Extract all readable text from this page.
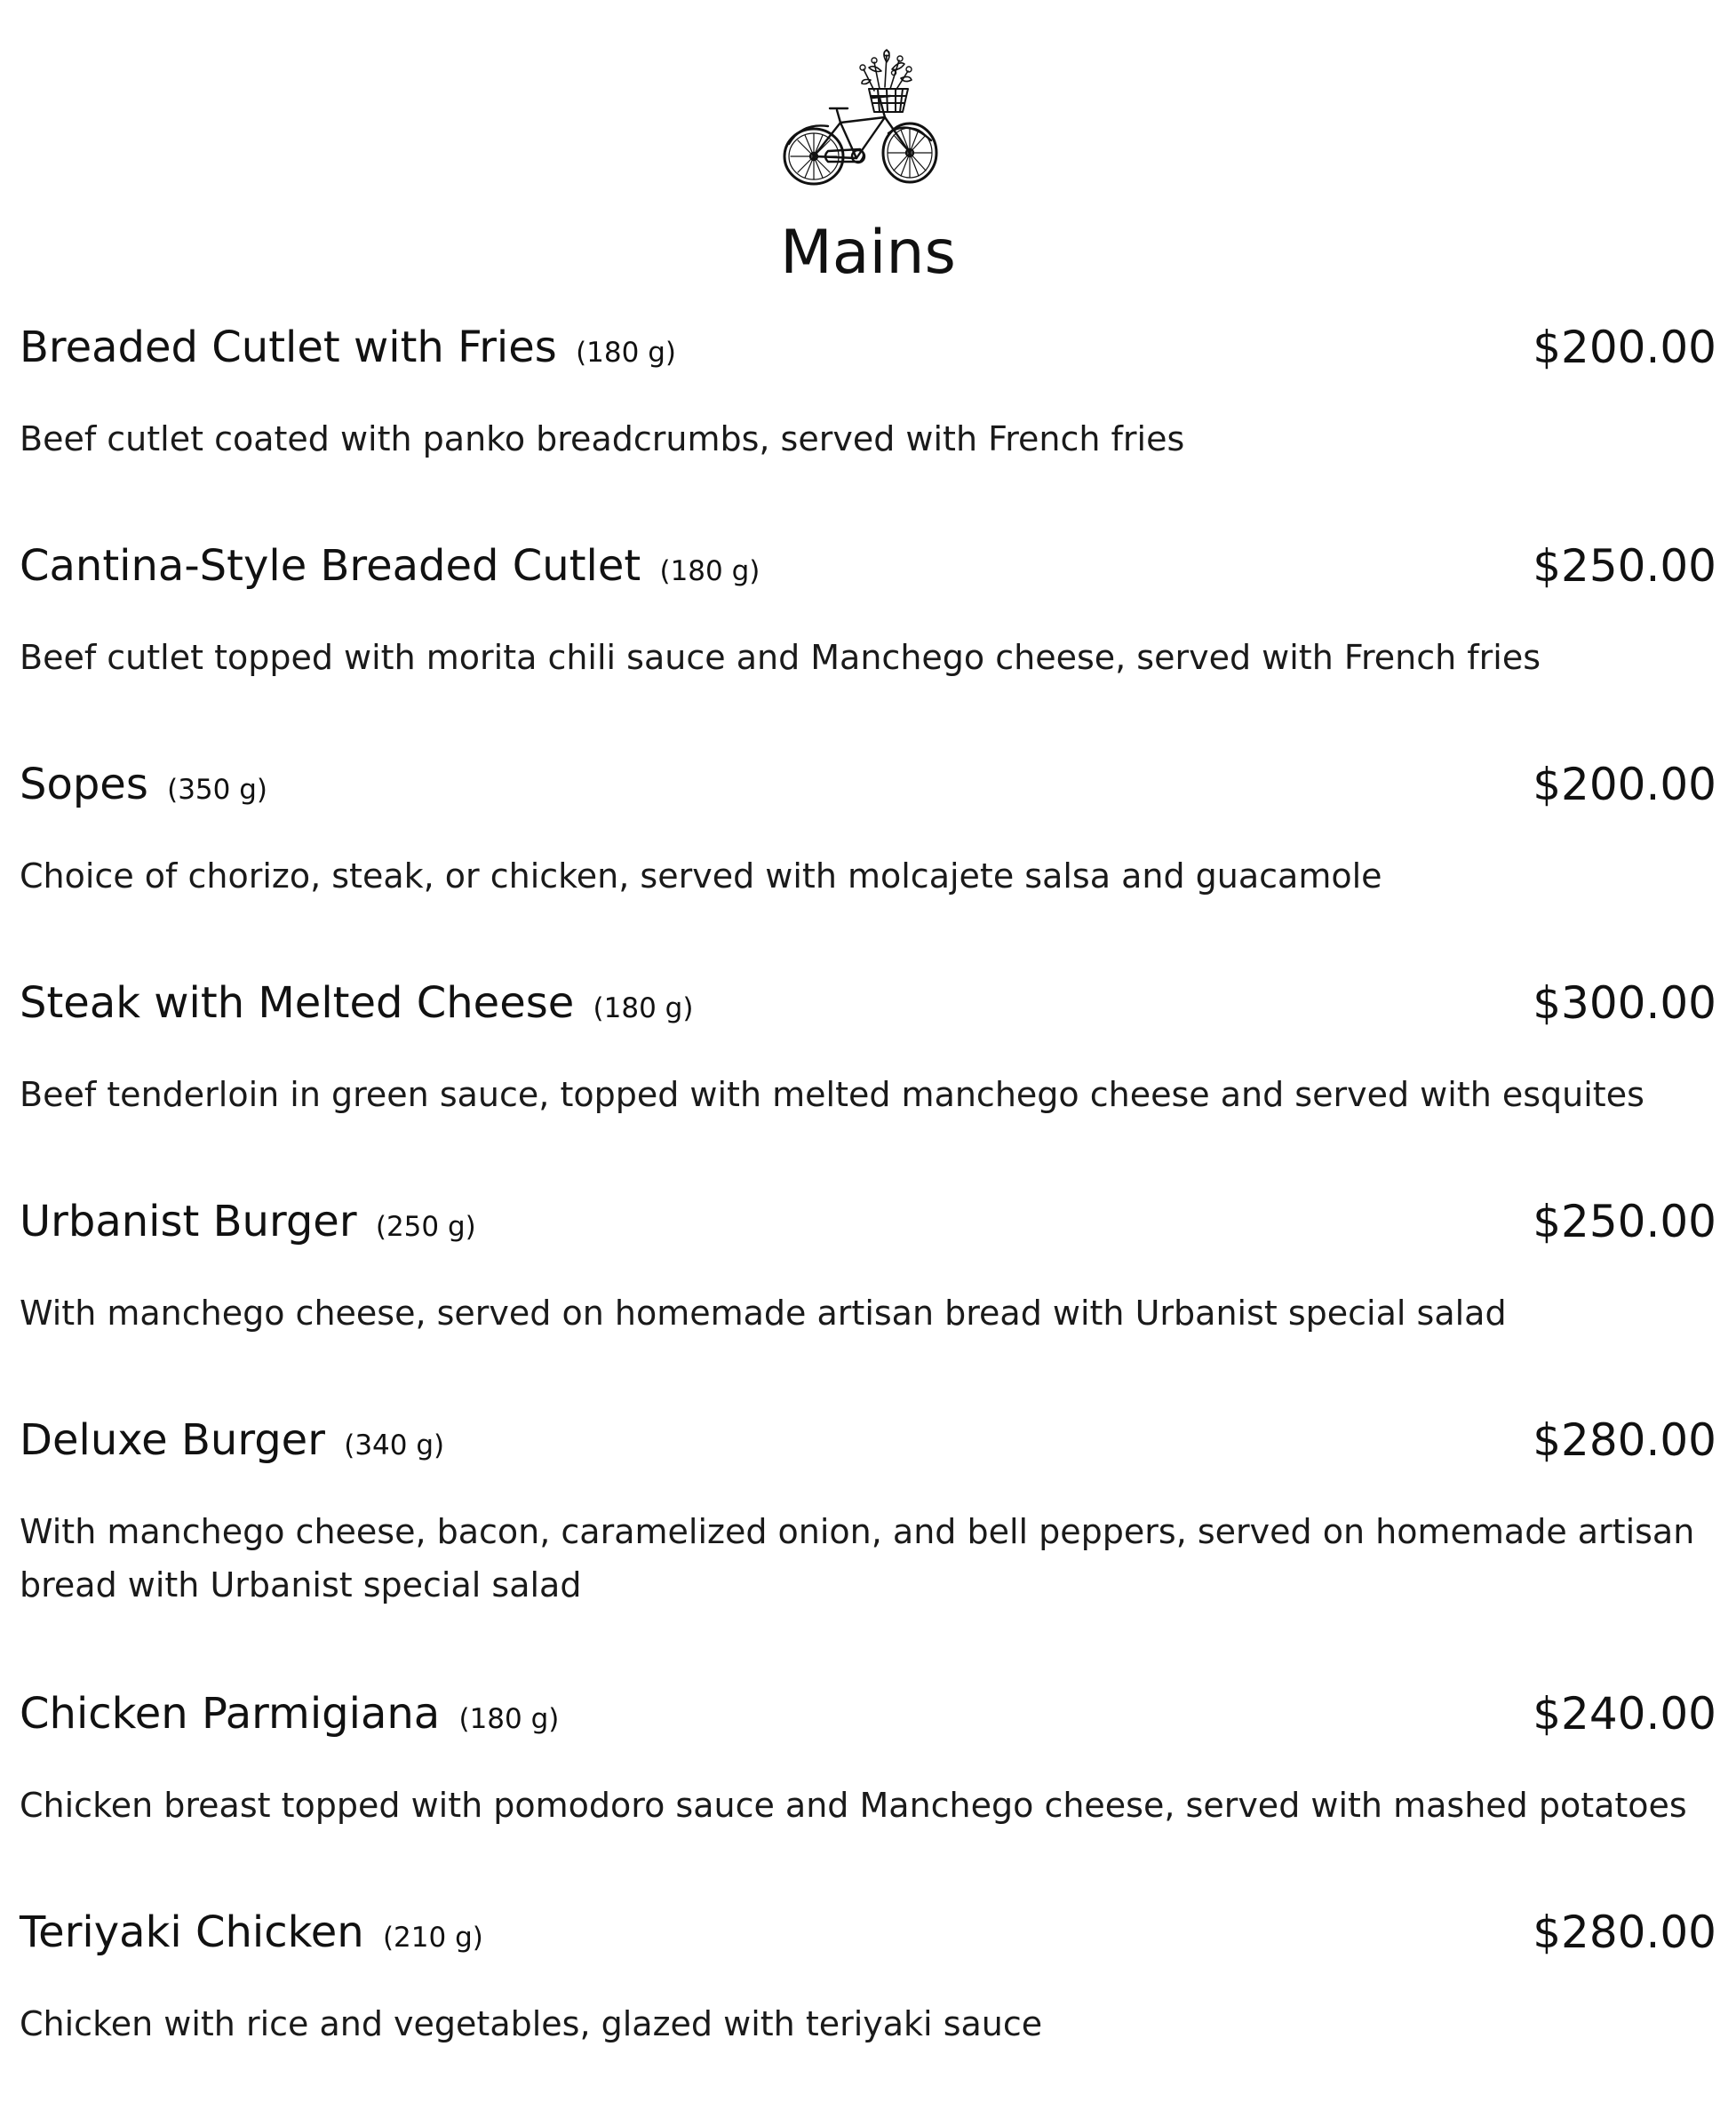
Mains
Breaded Cutlet with Fries (180 g)	$200.00

Beef cutlet coated with panko breadcrumbs, served with French fries

Cantina-Style Breaded Cutlet (180 g)	$250.00

Beef cutlet topped with morita chili sauce and Manchego cheese, served with French fries

Sopes (350 g)	$200.00

Choice of chorizo, steak, or chicken, served with molcajete salsa and guacamole

Steak with Melted Cheese (180 g)	$300.00

Beef tenderloin in green sauce, topped with melted manchego cheese and served with esquites

Urbanist Burger (250 g)	$250.00

With manchego cheese, served on homemade artisan bread with Urbanist special salad

Deluxe Burger (340 g)	$280.00

With manchego cheese, bacon, caramelized onion, and bell peppers, served on homemade artisan bread with Urbanist special salad

Chicken Parmigiana (180 g)	$240.00

Chicken breast topped with pomodoro sauce and Manchego cheese, served with mashed potatoes

Teriyaki Chicken (210 g)	$280.00

Chicken with rice and vegetables, glazed with teriyaki sauce
